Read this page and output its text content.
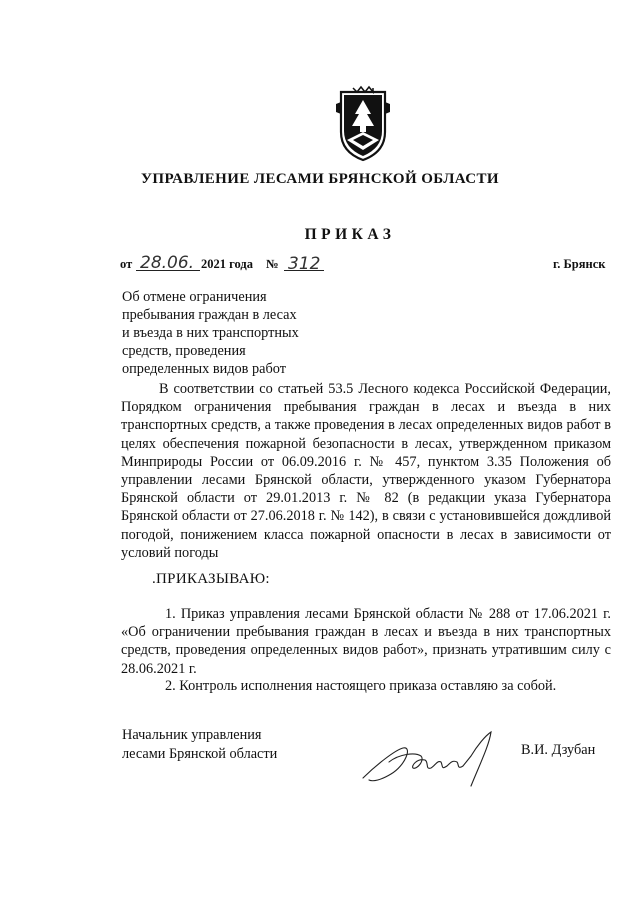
УПРАВЛЕНИЕ ЛЕСАМИ БРЯНСКОЙ ОБЛАСТИ
ПРИКАЗ
от 28.06. 2021 года № 312	г. Брянск
Об отмене ограничения
пребывания граждан в лесах
и въезда в них транспортных
средств, проведения
определенных видов работ
В соответствии со статьей 53.5 Лесного кодекса Российской Федерации, Порядком ограничения пребывания граждан в лесах и въезда в них транспортных средств, а также проведения в лесах определенных видов работ в целях обеспечения пожарной безопасности в лесах, утвержденном приказом Минприроды России от 06.09.2016 г. № 457, пунктом 3.35 Положения об управлении лесами Брянской области, утвержденного указом Губернатора Брянской области от 29.01.2013 г. № 82 (в редакции указа Губернатора Брянской области от 27.06.2018 г. № 142), в связи с установившейся дождливой погодой, понижением класса пожарной опасности в лесах в зависимости от условий погоды
.ПРИКАЗЫВАЮ:
1. Приказ управления лесами Брянской области № 288 от 17.06.2021 г. «Об ограничении пребывания граждан в лесах и въезда в них транспортных средств, проведения определенных видов работ», признать утратившим силу с 28.06.2021 г.
2. Контроль исполнения настоящего приказа оставляю за собой.
Начальник управления
лесами Брянской области	В.И. Дзубан
